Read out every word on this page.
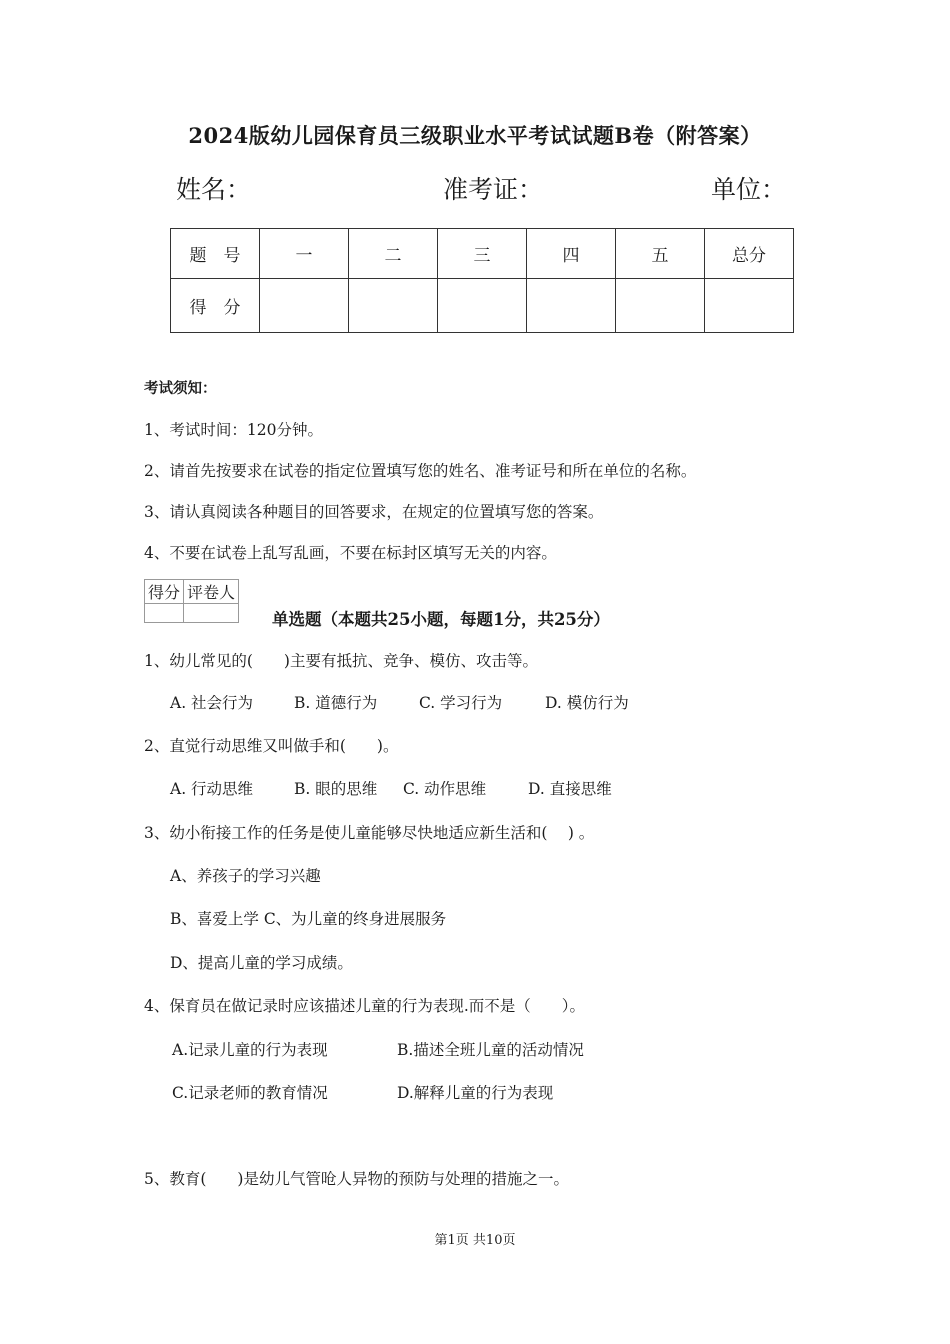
2024版幼儿园保育员三级职业水平考试试题B卷（附答案）
姓名：	准考证：	单位：
题　号	一	二	三	四	五	总分
得　分						
考试须知：
1、考试时间：120分钟。
2、请首先按要求在试卷的指定位置填写您的姓名、准考证号和所在单位的名称。
3、请认真阅读各种题目的回答要求，在规定的位置填写您的答案。
4、不要在试卷上乱写乱画，不要在标封区填写无关的内容。
得分	评卷人

单选题（本题共25小题，每题1分，共25分）
1、幼儿常见的(　　)主要有抵抗、竞争、模仿、攻击等。
A. 社会行为	B. 道德行为	C. 学习行为	D. 模仿行为
2、直觉行动思维又叫做手和(　　)。
A. 行动思维	B. 眼的思维 C. 动作思维	D. 直接思维
3、幼小衔接工作的任务是使儿童能够尽快地适应新生活和(　 ) 。
A、养孩子的学习兴趣
B、喜爱上学 C、为儿童的终身进展服务
D、提高儿童的学习成绩。
4、保育员在做记录时应该描述儿童的行为表现.而不是（　　）。
A.记录儿童的行为表现	B.描述全班儿童的活动情况
C.记录老师的教育情况	D.解释儿童的行为表现
5、教育(　　)是幼儿气管呛人异物的预防与处理的措施之一。
第1页 共10页
